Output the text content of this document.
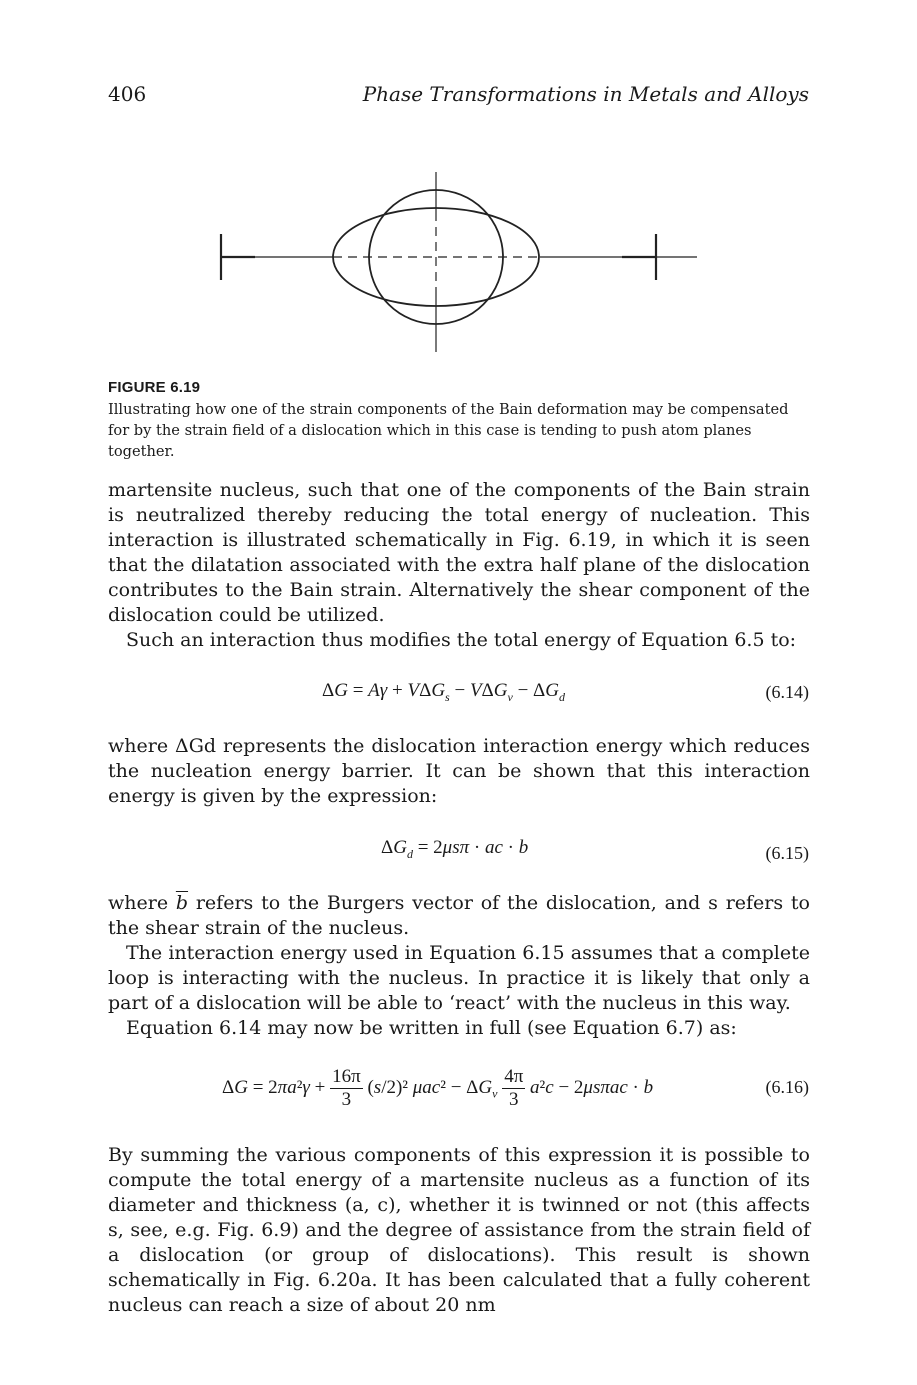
406	Phase Transformations in Metals and Alloys
FIGURE 6.19
Illustrating how one of the strain components of the Bain deformation may be compensated for by the strain field of a dislocation which in this case is tending to push atom planes together.

martensite nucleus, such that one of the components of the Bain strain is neutralized thereby reducing the total energy of nucleation. This interaction is illustrated schematically in Fig. 6.19, in which it is seen that the dilatation associated with the extra half plane of the dislocation contributes to the Bain strain. Alternatively the shear component of the dislocation could be utilized.

Such an interaction thus modifies the total energy of Equation 6.5 to:

$\Delta G = A\gamma + V\Delta G_s - V\Delta G_v - \Delta G_d$	(6.14)

where ΔGd represents the dislocation interaction energy which reduces the nucleation energy barrier. It can be shown that this interaction energy is given by the expression:

$\Delta G_d = 2\mu s\pi$ · ac · b	(6.15)

where $\overline{b}$ refers to the Burgers vector of the dislocation, and s refers to the shear strain of the nucleus.

The interaction energy used in Equation 6.15 assumes that a complete loop is interacting with the nucleus. In practice it is likely that only a part of a dislocation will be able to ‘react’ with the nucleus in this way.

Equation 6.14 may now be written in full (see Equation 6.7) as:

$\Delta G = 2\pi a^2\gamma + \frac{16\pi}{3} (s/2)^2$ $\mu ac^2 - \Delta G_v \frac{4\pi}{3} a^2c - 2\mu s\pi ac \cdot b$	(6.16)

By summing the various components of this expression it is possible to compute the total energy of a martensite nucleus as a function of its diameter and thickness (a, c), whether it is twinned or not (this affects s, see, e.g. Fig. 6.9) and the degree of assistance from the strain field of a dislocation (or group of dislocations). This result is shown schematically in Fig. 6.20a. It has been calculated that a fully coherent nucleus can reach a size of about 20 nm
